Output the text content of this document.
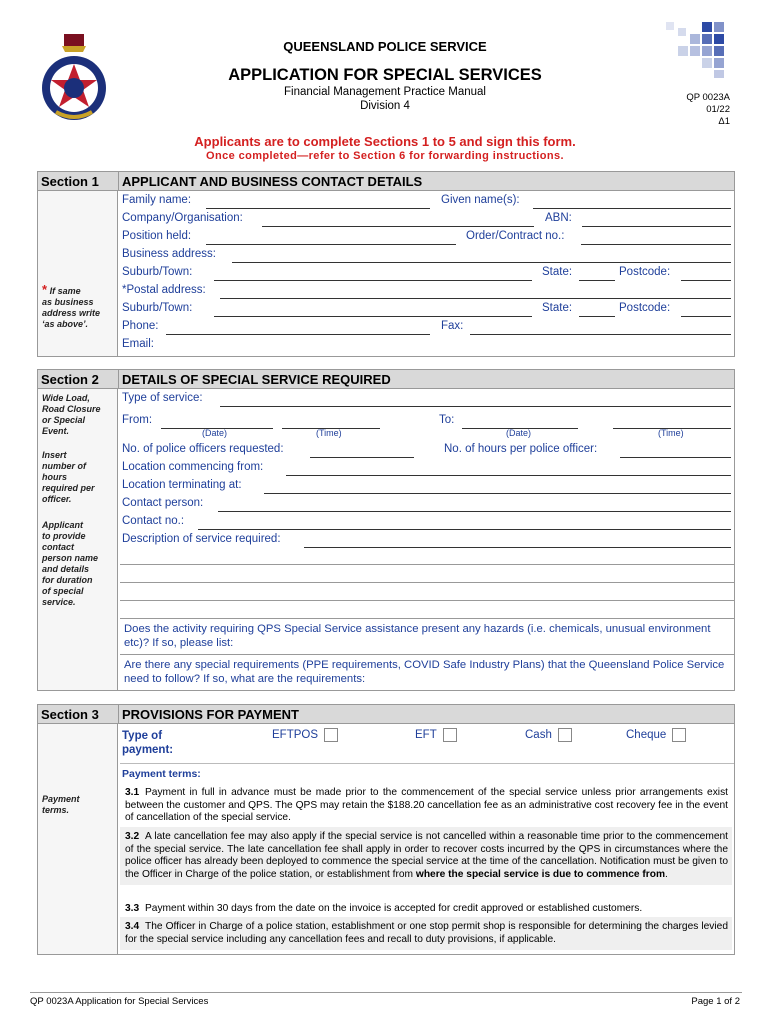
QUEENSLAND POLICE SERVICE
APPLICATION FOR SPECIAL SERVICES
Financial Management Practice Manual
Division 4
QP 0023A
01/22
Δ1
Applicants are to complete Sections 1 to 5 and sign this form.
Once completed—refer to Section 6 for forwarding instructions.
Section 1 APPLICANT AND BUSINESS CONTACT DETAILS
* If same
as business
address write
‘as above’.
Family name:	Given name(s):
Company/Organisation:	ABN:
Position held:	Order/Contract no.:
Business address:
Suburb/Town:	State:	Postcode:
*Postal address:
Suburb/Town:	State:	Postcode:
Phone:	Fax:
Email:
Section 2 DETAILS OF SPECIAL SERVICE REQUIRED
Wide Load,
Road Closure
or Special
Event.
Insert
number of
hours
required per
officer.
Applicant
to provide
contact
person name
and details
for duration
of special
service.
Type of service:
From:
(Date)	(Time)
To:
(Date)	(Time)
No. of police officers requested:	No. of hours per police officer:
Location commencing from:
Location terminating at:
Contact person:
Contact no.:
Description of service required:
Does the activity requiring QPS Special Service assistance present any hazards (i.e. chemicals, unusual environment etc)? If so, please list:
Are there any special requirements (PPE requirements, COVID Safe Industry Plans) that the Queensland Police Service need to follow? If so, what are the requirements:
Section 3 PROVISIONS FOR PAYMENT
Payment
terms.
Type of
payment:
EFTPOS	EFT	Cash	Cheque
Payment terms:
3.1 Payment in full in advance must be made prior to the commencement of the special service unless prior arrangements exist between the customer and QPS. The QPS may retain the $188.20 cancellation fee as an administrative cost recovery fee in the event of cancellation of the special service.
3.2 A late cancellation fee may also apply if the special service is not cancelled within a reasonable time prior to the commencement of the special service. The late cancellation fee shall apply in order to recover costs incurred by the QPS in circumstances where the police officer has already been deployed to commence the special service at the time of the cancellation. Notification must be given to the Officer in Charge of the police station, or establishment from where the special service is due to commence from.
3.3 Payment within 30 days from the date on the invoice is accepted for credit approved or established customers.
3.4 The Officer in Charge of a police station, establishment or one stop permit shop is responsible for determining the charges levied for the special service including any cancellation fees and recall to duty provisions, if applicable.
QP 0023A Application for Special Services	Page 1 of 2
